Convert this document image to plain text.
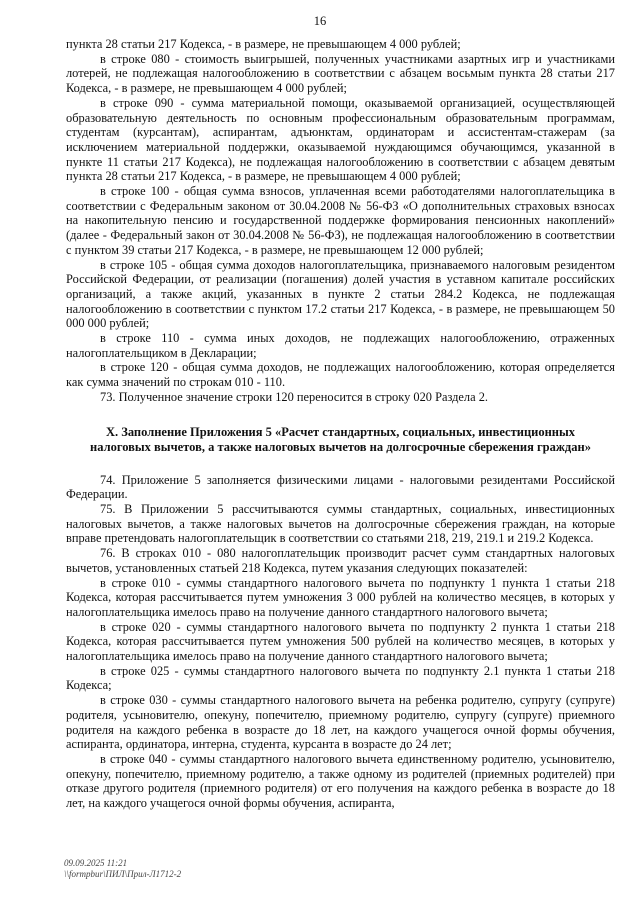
16

пункта 28 статьи 217 Кодекса, - в размере, не превышающем 4 000 рублей;

в строке 080 - стоимость выигрышей, полученных участниками азартных игр и участниками лотерей, не подлежащая налогообложению в соответствии с абзацем восьмым пункта 28 статьи 217 Кодекса, - в размере, не превышающем 4 000 рублей;

в строке 090 - сумма материальной помощи, оказываемой организацией, осуществляющей образовательную деятельность по основным профессиональным образовательным программам, студентам (курсантам), аспирантам, адъюнктам, ординаторам и ассистентам-стажерам (за исключением материальной поддержки, оказываемой нуждающимся обучающимся, указанной в пункте 11 статьи 217 Кодекса), не подлежащая налогообложению в соответствии с абзацем девятым пункта 28 статьи 217 Кодекса, - в размере, не превышающем 4 000 рублей;

в строке 100 - общая сумма взносов, уплаченная всеми работодателями налогоплательщика в соответствии с Федеральным законом от 30.04.2008 № 56-ФЗ «О дополнительных страховых взносах на накопительную пенсию и государственной поддержке формирования пенсионных накоплений» (далее - Федеральный закон от 30.04.2008 № 56-ФЗ), не подлежащая налогообложению в соответствии с пунктом 39 статьи 217 Кодекса, - в размере, не превышающем 12 000 рублей;

в строке 105 - общая сумма доходов налогоплательщика, признаваемого налоговым резидентом Российской Федерации, от реализации (погашения) долей участия в уставном капитале российских организаций, а также акций, указанных в пункте 2 статьи 284.2 Кодекса, не подлежащая налогообложению в соответствии с пунктом 17.2 статьи 217 Кодекса, - в размере, не превышающем 50 000 000 рублей;

в строке 110 - сумма иных доходов, не подлежащих налогообложению, отраженных налогоплательщиком в Декларации;

в строке 120 - общая сумма доходов, не подлежащих налогообложению, которая определяется как сумма значений по строкам 010 - 110.

73. Полученное значение строки 120 переносится в строку 020 Раздела 2.

X. Заполнение Приложения 5 «Расчет стандартных, социальных, инвестиционных налоговых вычетов, а также налоговых вычетов на долгосрочные сбережения граждан»

74. Приложение 5 заполняется физическими лицами - налоговыми резидентами Российской Федерации.

75. В Приложении 5 рассчитываются суммы стандартных, социальных, инвестиционных налоговых вычетов, а также налоговых вычетов на долгосрочные сбережения граждан, на которые вправе претендовать налогоплательщик в соответствии со статьями 218, 219, 219.1 и 219.2 Кодекса.

76. В строках 010 - 080 налогоплательщик производит расчет сумм стандартных налоговых вычетов, установленных статьей 218 Кодекса, путем указания следующих показателей:

в строке 010 - суммы стандартного налогового вычета по подпункту 1 пункта 1 статьи 218 Кодекса, которая рассчитывается путем умножения 3 000 рублей на количество месяцев, в которых у налогоплательщика имелось право на получение данного стандартного налогового вычета;

в строке 020 - суммы стандартного налогового вычета по подпункту 2 пункта 1 статьи 218 Кодекса, которая рассчитывается путем умножения 500 рублей на количество месяцев, в которых у налогоплательщика имелось право на получение данного стандартного налогового вычета;

в строке 025 - суммы стандартного налогового вычета по подпункту 2.1 пункта 1 статьи 218 Кодекса;

в строке 030 - суммы стандартного налогового вычета на ребенка родителю, супругу (супруге) родителя, усыновителю, опекуну, попечителю, приемному родителю, супругу (супруге) приемного родителя на каждого ребенка в возрасте до 18 лет, на каждого учащегося очной формы обучения, аспиранта, ординатора, интерна, студента, курсанта в возрасте до 24 лет;

в строке 040 - суммы стандартного налогового вычета единственному родителю, усыновителю, опекуну, попечителю, приемному родителю, а также одному из родителей (приемных родителей) при отказе другого родителя (приемного родителя) от его получения на каждого ребенка в возрасте до 18 лет, на каждого учащегося очной формы обучения, аспиранта,

09.09.2025 11:21
\\formpbur\ПИЛ\Прил-Л1712-2
